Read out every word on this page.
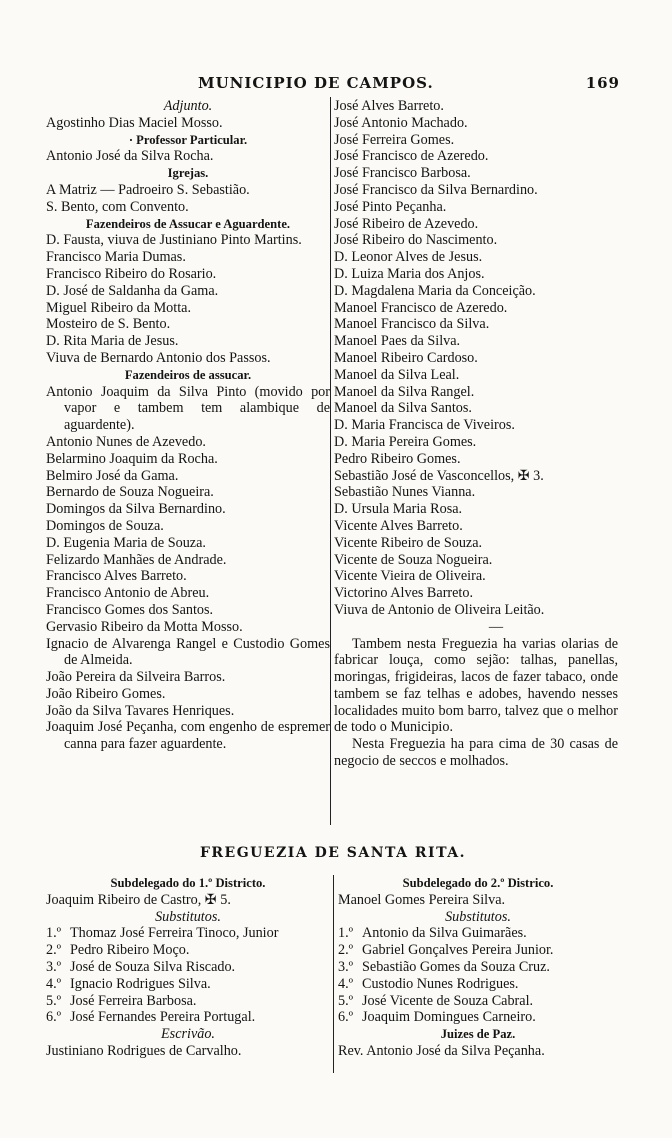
MUNICIPIO DE CAMPOS.	169
Adjunto.
Agostinho Dias Maciel Mosso.
· Professor Particular.
Antonio José da Silva Rocha.
Igrejas.
A Matriz — Padroeiro S. Sebastião.
S. Bento, com Convento.
Fazendeiros de Assucar e Aguardente.
D. Fausta, viuva de Justiniano Pinto Martins.
Francisco Maria Dumas.
Francisco Ribeiro do Rosario.
D. José de Saldanha da Gama.
Miguel Ribeiro da Motta.
Mosteiro de S. Bento.
D. Rita Maria de Jesus.
Viuva de Bernardo Antonio dos Passos.
Fazendeiros de assucar.
Antonio Joaquim da Silva Pinto (movido por vapor e tambem tem alambique de aguardente).
Antonio Nunes de Azevedo.
Belarmino Joaquim da Rocha.
Belmiro José da Gama.
Bernardo de Souza Nogueira.
Domingos da Silva Bernardino.
Domingos de Souza.
D. Eugenia Maria de Souza.
Felizardo Manhães de Andrade.
Francisco Alves Barreto.
Francisco Antonio de Abreu.
Francisco Gomes dos Santos.
Gervasio Ribeiro da Motta Mosso.
Ignacio de Alvarenga Rangel e Custodio Gomes de Almeida.
João Pereira da Silveira Barros.
João Ribeiro Gomes.
João da Silva Tavares Henriques.
Joaquim José Peçanha, com engenho de espremer canna para fazer aguardente.
José Alves Barreto.
José Antonio Machado.
José Ferreira Gomes.
José Francisco de Azeredo.
José Francisco Barbosa.
José Francisco da Silva Bernardino.
José Pinto Peçanha.
José Ribeiro de Azevedo.
José Ribeiro do Nascimento.
D. Leonor Alves de Jesus.
D. Luiza Maria dos Anjos.
D. Magdalena Maria da Conceição.
Manoel Francisco de Azeredo.
Manoel Francisco da Silva.
Manoel Paes da Silva.
Manoel Ribeiro Cardoso.
Manoel da Silva Leal.
Manoel da Silva Rangel.
Manoel da Silva Santos.
D. Maria Francisca de Viveiros.
D. Maria Pereira Gomes.
Pedro Ribeiro Gomes.
Sebastião José de Vasconcellos, ✠ 3.
Sebastião Nunes Vianna.
D. Ursula Maria Rosa.
Vicente Alves Barreto.
Vicente Ribeiro de Souza.
Vicente de Souza Nogueira.
Vicente Vieira de Oliveira.
Victorino Alves Barreto.
Viuva de Antonio de Oliveira Leitão.
—
Tambem nesta Freguezia ha varias olarias de fabricar louça, como sejão: talhas, panellas, moringas, frigideiras, lacos de fazer tabaco, onde tambem se faz telhas e adobes, havendo nesses localidades muito bom barro, talvez que o melhor de todo o Municipio.
Nesta Freguezia ha para cima de 30 casas de negocio de seccos e molhados.
FREGUEZIA DE SANTA RITA.
Subdelegado do 1.º Districto.
Joaquim Ribeiro de Castro, ✠ 5.
Substitutos.
1.º Thomaz José Ferreira Tinoco, Junior
2.º Pedro Ribeiro Moço.
3.º José de Souza Silva Riscado.
4.º Ignacio Rodrigues Silva.
5.º José Ferreira Barbosa.
6.º José Fernandes Pereira Portugal.
Escrivão.
Justiniano Rodrigues de Carvalho.
Subdelegado do 2.º Districo.
Manoel Gomes Pereira Silva.
Substitutos.
1.º Antonio da Silva Guimarães.
2.º Gabriel Gonçalves Pereira Junior.
3.º Sebastião Gomes da Souza Cruz.
4.º Custodio Nunes Rodrigues.
5.º José Vicente de Souza Cabral.
6.º Joaquim Domingues Carneiro.
Juizes de Paz.
Rev. Antonio José da Silva Peçanha.
